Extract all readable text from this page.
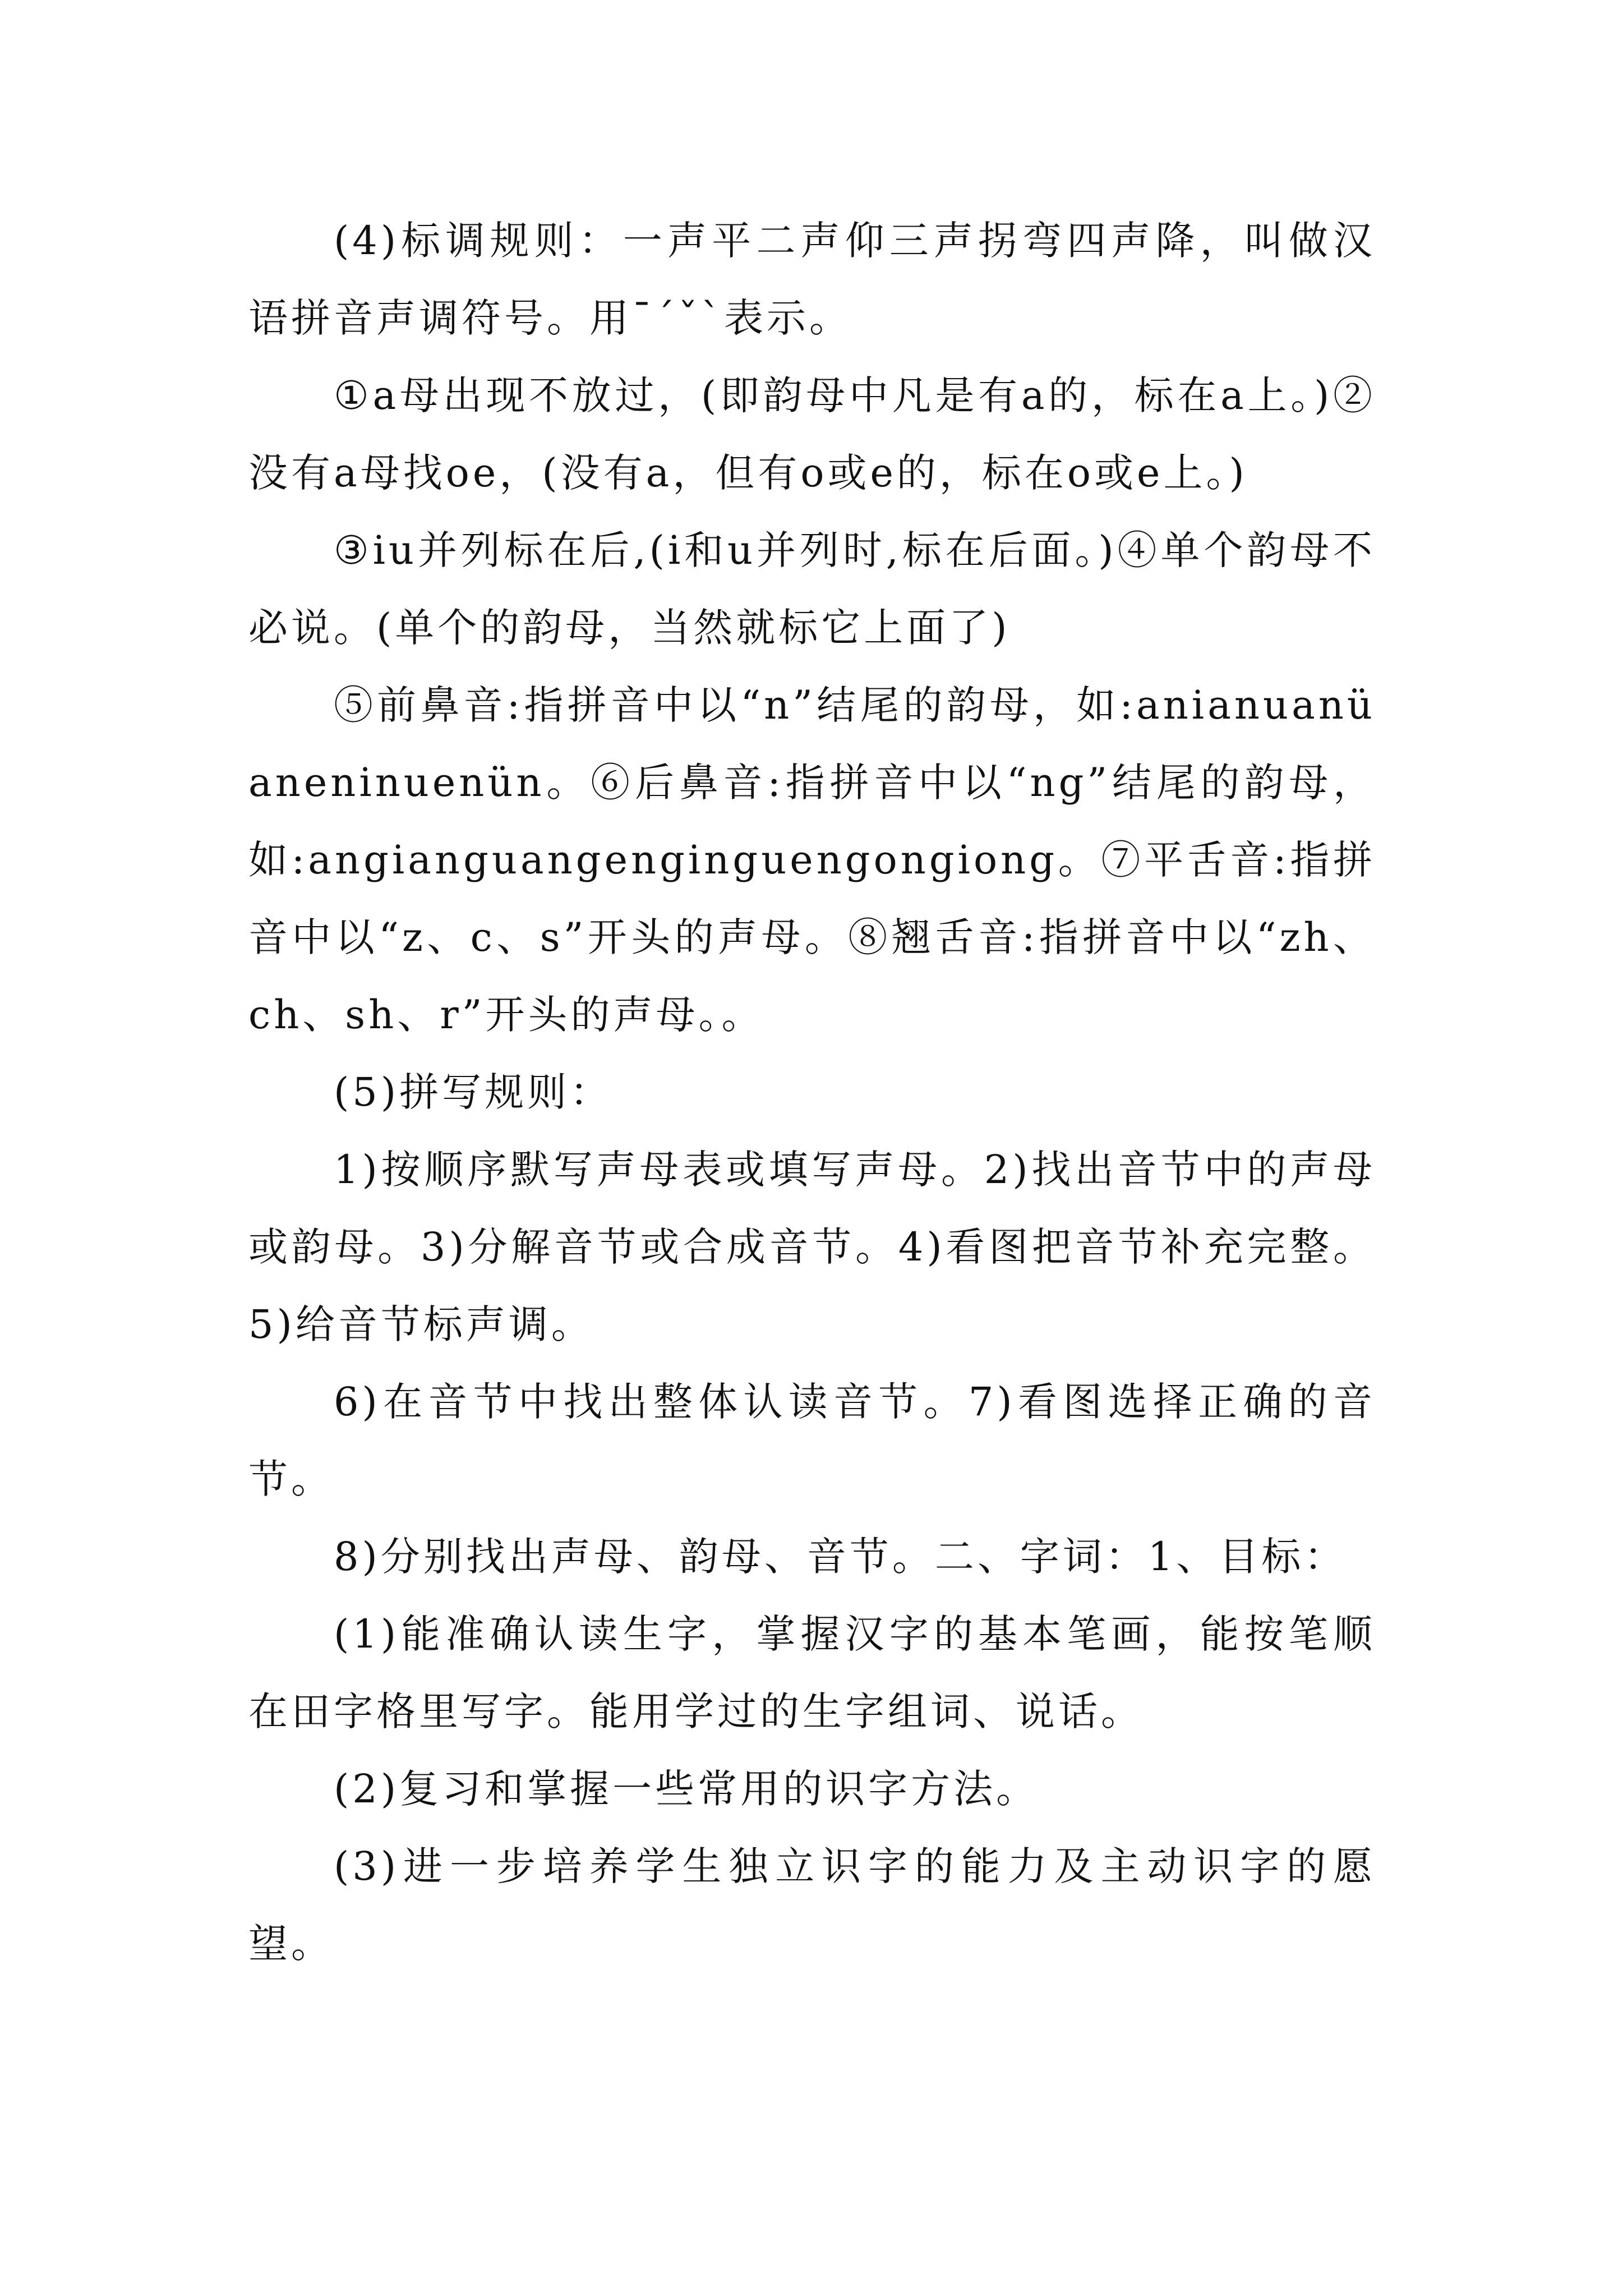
(4)标调规则：一声平二声仰三声拐弯四声降，叫做汉语拼音声调符号。用ˉˊˇˋ表示。

①a母出现不放过，(即韵母中凡是有a的，标在a上。)②没有a母找oe，(没有a，但有o或e的，标在o或e上。)

③iu并列标在后,(i和u并列时,标在后面。)④单个韵母不必说。(单个的韵母，当然就标它上面了)

⑤前鼻音:指拼音中以“n”结尾的韵母，如:anianuanüaneninuenün。⑥后鼻音:指拼音中以“ng”结尾的韵母，如:angianguangenginguengongiong。⑦平舌音:指拼音中以“z、c、s”开头的声母。⑧翘舌音:指拼音中以“zh、ch、sh、r”开头的声母。。

(5)拼写规则：

1)按顺序默写声母表或填写声母。2)找出音节中的声母或韵母。3)分解音节或合成音节。4)看图把音节补充完整。5)给音节标声调。

6)在音节中找出整体认读音节。7)看图选择正确的音节。

8)分别找出声母、韵母、音节。二、字词：1、目标：

(1)能准确认读生字，掌握汉字的基本笔画，能按笔顺在田字格里写字。能用学过的生字组词、说话。

(2)复习和掌握一些常用的识字方法。

(3)进一步培养学生独立识字的能力及主动识字的愿望。
